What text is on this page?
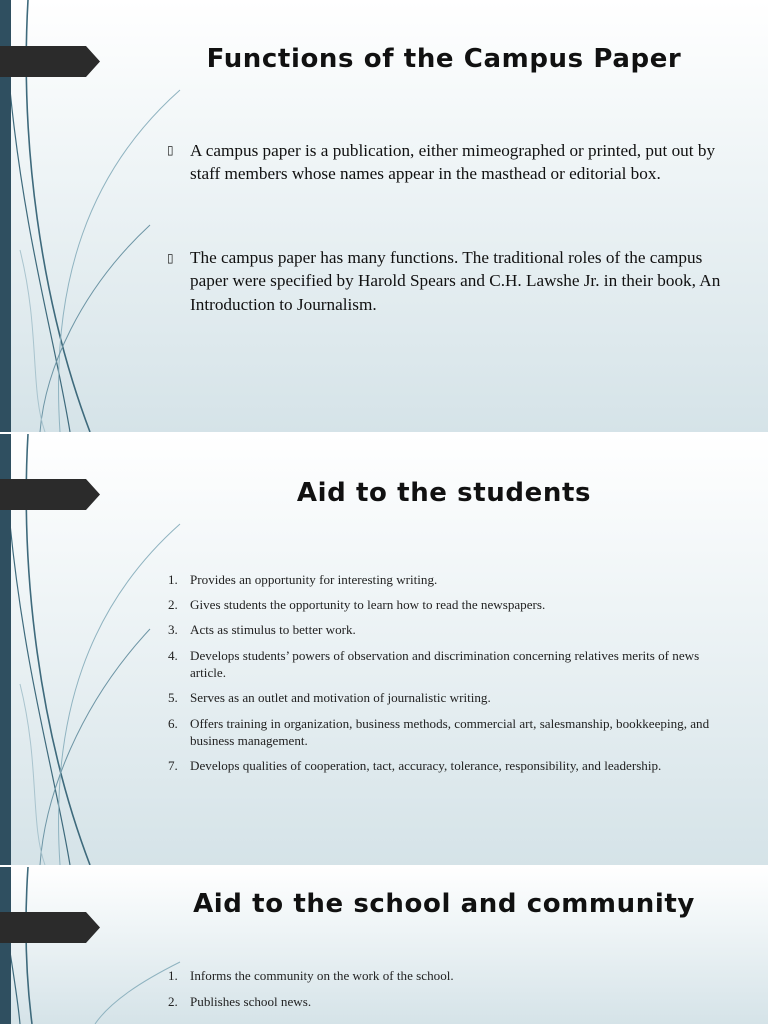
Functions of the Campus Paper
▯ A campus paper is a publication, either mimeographed or printed, put out by staff members whose names appear in the masthead or editorial box.

▯ The campus paper has many functions. The traditional roles of the campus paper were specified by Harold Spears and C.H. Lawshe Jr. in their book, An Introduction to Journalism.

Aid to the students
1. Provides an opportunity for interesting writing.
2. Gives students the opportunity to learn how to read the newspapers.
3. Acts as stimulus to better work.
4. Develops students’ powers of observation and discrimination concerning relatives merits of news article.
5. Serves as an outlet and motivation of journalistic writing.
6. Offers training in organization, business methods, commercial art, salesmanship, bookkeeping, and business management.
7. Develops qualities of cooperation, tact, accuracy, tolerance, responsibility, and leadership.
Aid to the school and community
1. Informs the community on the work of the school.
2. Publishes school news.
